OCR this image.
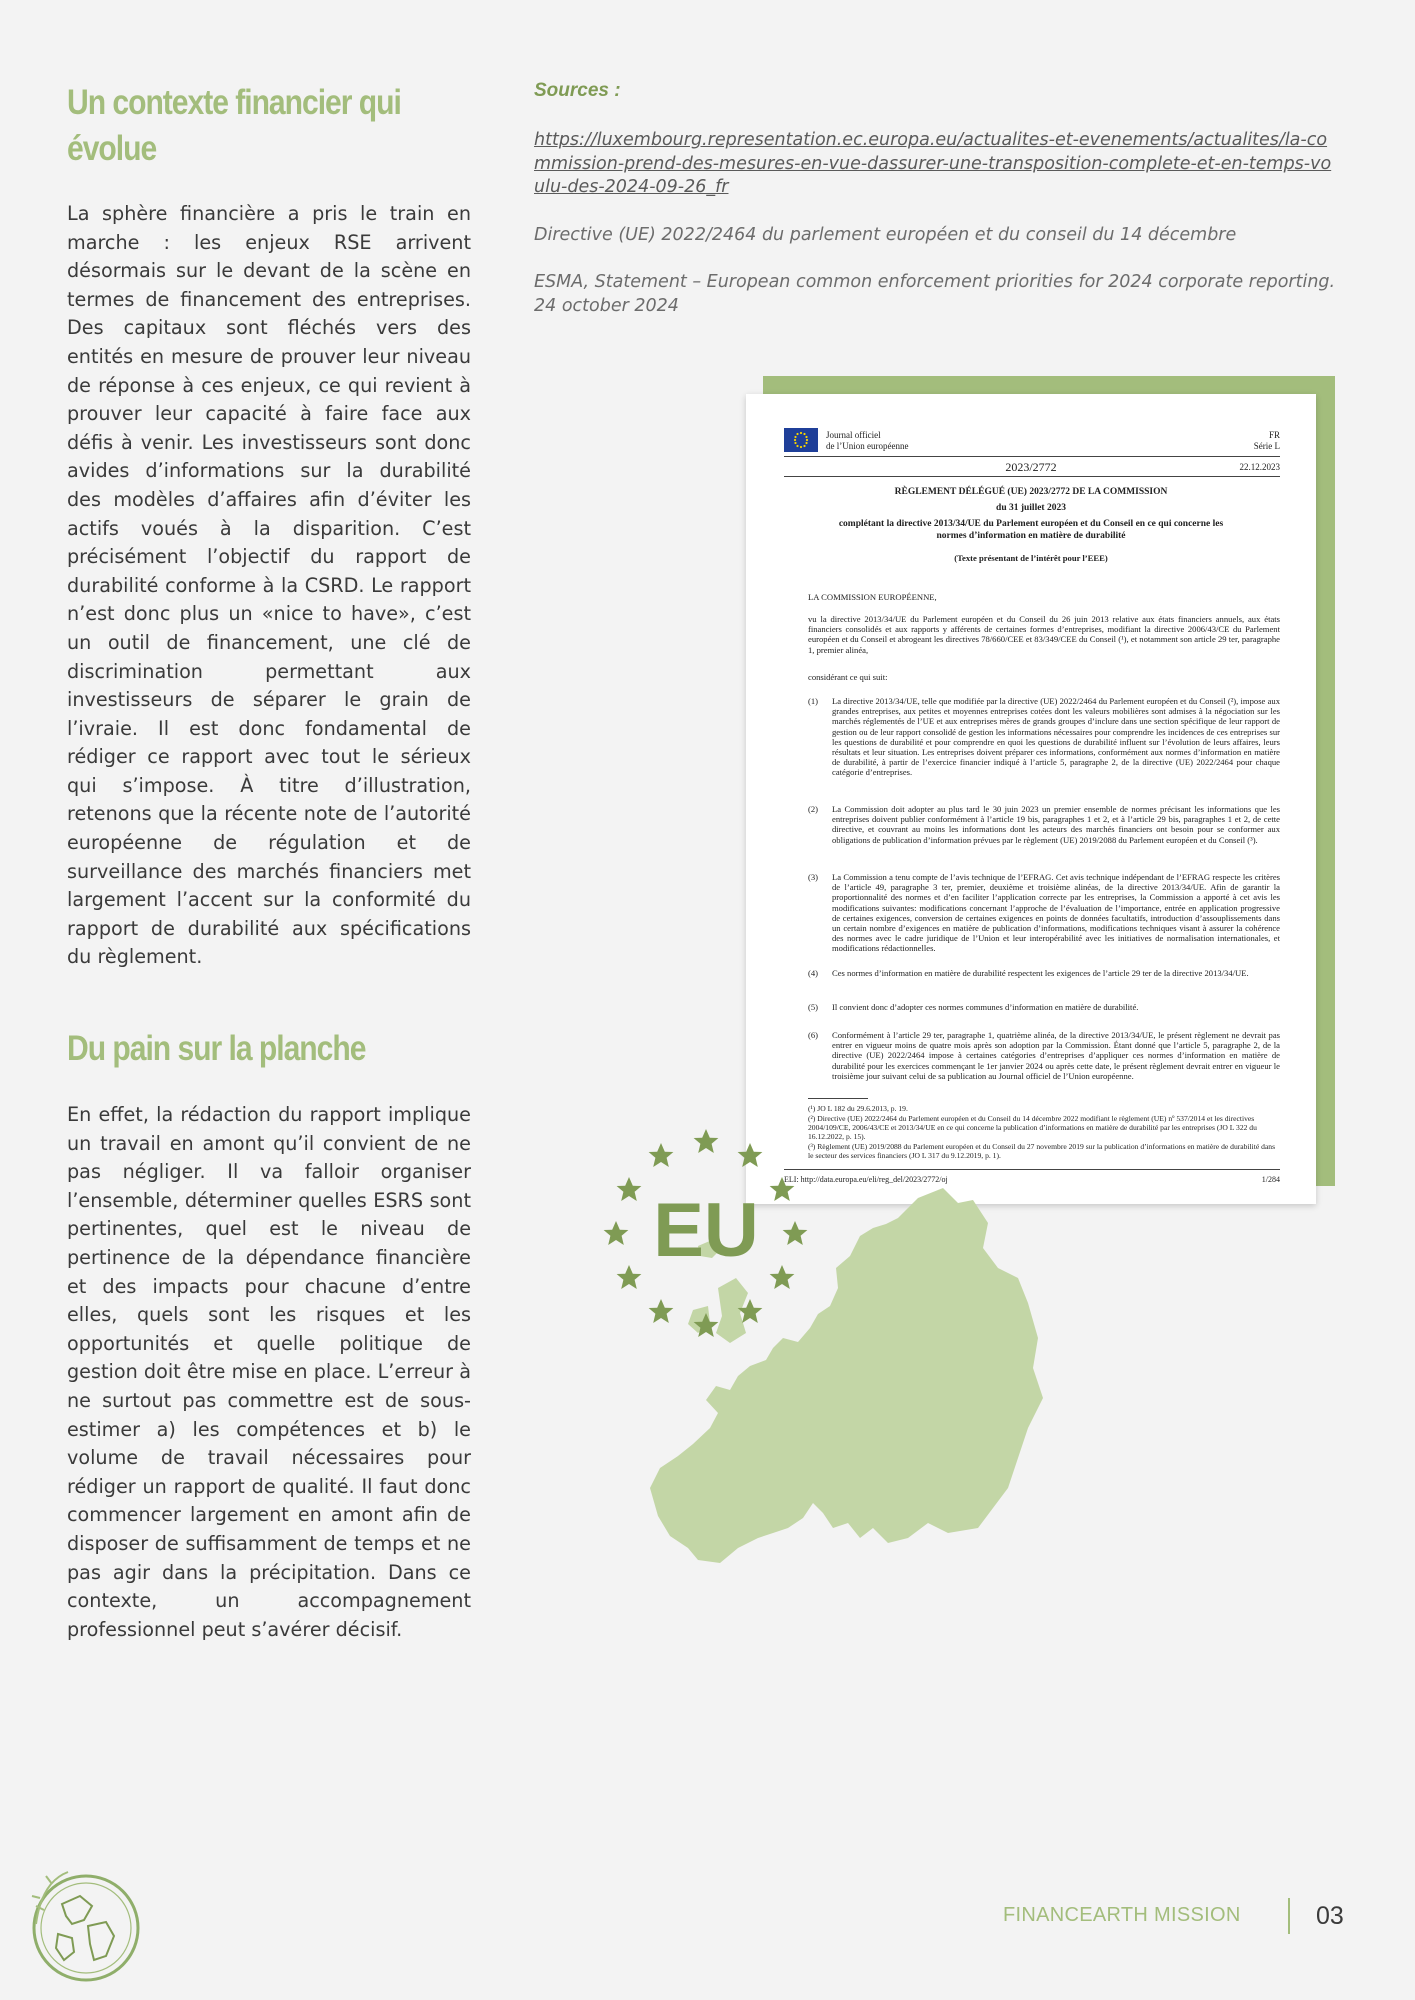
Un contexte financier qui évolue

La sphère financière a pris le train en marche : les enjeux RSE arrivent désormais sur le devant de la scène en termes de financement des entreprises. Des capitaux sont fléchés vers des entités en mesure de prouver leur niveau de réponse à ces enjeux, ce qui revient à prouver leur capacité à faire face aux défis à venir. Les investisseurs sont donc avides d’informations sur la durabilité des modèles d’affaires afin d’éviter les actifs voués à la disparition. C’est précisément l’objectif du rapport de durabilité conforme à la CSRD. Le rapport n’est donc plus un «nice to have», c’est un outil de financement, une clé de discrimination permettant aux investisseurs de séparer le grain de l’ivraie. Il est donc fondamental de rédiger ce rapport avec tout le sérieux qui s’impose. À titre d’illustration, retenons que la récente note de l’autorité européenne de régulation et de surveillance des marchés financiers met largement l’accent sur la conformité du rapport de durabilité aux spécifications du règlement.

Du pain sur la planche

En effet, la rédaction du rapport implique un travail en amont qu’il convient de ne pas négliger. Il va falloir organiser l’ensemble, déterminer quelles ESRS sont pertinentes, quel est le niveau de pertinence de la dépendance financière et des impacts pour chacune d’entre elles, quels sont les risques et les opportunités et quelle politique de gestion doit être mise en place. L’erreur à ne surtout pas commettre est de sous-estimer a) les compétences et b) le volume de travail nécessaires pour rédiger un rapport de qualité. Il faut donc commencer largement en amont afin de disposer de suffisamment de temps et ne pas agir dans la précipitation. Dans ce contexte, un accompagnement professionnel peut s’avérer décisif.

Sources :

https://luxembourg.representation.ec.europa.eu/actualites-et-evenements/actualites/la-commission-prend-des-mesures-en-vue-dassurer-une-transposition-complete-et-en-temps-voulu-des-2024-09-26_fr

Directive (UE) 2022/2464 du parlement européen et du conseil du 14 décembre

ESMA, Statement – European common enforcement priorities for 2024 corporate reporting. 24 october 2024

Journal officiel
de l’Union européenne
FR
Série L
2023/2772	22.12.2023
RÈGLEMENT DÉLÉGUÉ (UE) 2023/2772 DE LA COMMISSION
du 31 juillet 2023
complétant la directive 2013/34/UE du Parlement européen et du Conseil en ce qui concerne les normes d’information en matière de durabilité
(Texte présentant de l’intérêt pour l’EEE)
LA COMMISSION EUROPÉENNE,
vu la directive 2013/34/UE du Parlement européen et du Conseil du 26 juin 2013 relative aux états financiers annuels, aux états financiers consolidés et aux rapports y afférents de certaines formes d’entreprises, modifiant la directive 2006/43/CE du Parlement européen et du Conseil et abrogeant les directives 78/660/CEE et 83/349/CEE du Conseil (¹), et notamment son article 29 ter, paragraphe 1, premier alinéa,
considérant ce qui suit:
(1) La directive 2013/34/UE, telle que modifiée par la directive (UE) 2022/2464 du Parlement européen et du Conseil (²), impose aux grandes entreprises, aux petites et moyennes entreprises cotées dont les valeurs mobilières sont admises à la négociation sur les marchés réglementés de l’UE et aux entreprises mères de grands groupes d’inclure dans une section spécifique de leur rapport de gestion ou de leur rapport consolidé de gestion les informations nécessaires pour comprendre les incidences de ces entreprises sur les questions de durabilité et pour comprendre en quoi les questions de durabilité influent sur l’évolution de leurs affaires, leurs résultats et leur situation. Les entreprises doivent préparer ces informations, conformément aux normes d’information en matière de durabilité, à partir de l’exercice financier indiqué à l’article 5, paragraphe 2, de la directive (UE) 2022/2464 pour chaque catégorie d’entreprises.
(2) La Commission doit adopter au plus tard le 30 juin 2023 un premier ensemble de normes précisant les informations que les entreprises doivent publier conformément à l’article 19 bis, paragraphes 1 et 2, et à l’article 29 bis, paragraphes 1 et 2, de cette directive, et couvrant au moins les informations dont les acteurs des marchés financiers ont besoin pour se conformer aux obligations de publication d’information prévues par le règlement (UE) 2019/2088 du Parlement européen et du Conseil (³).
(3) La Commission a tenu compte de l’avis technique de l’EFRAG. Cet avis technique indépendant de l’EFRAG respecte les critères de l’article 49, paragraphe 3 ter, premier, deuxième et troisième alinéas, de la directive 2013/34/UE. Afin de garantir la proportionnalité des normes et d’en faciliter l’application correcte par les entreprises, la Commission a apporté à cet avis les modifications suivantes: modifications concernant l’approche de l’évaluation de l’importance, entrée en application progressive de certaines exigences, conversion de certaines exigences en points de données facultatifs, introduction d’assouplissements dans un certain nombre d’exigences en matière de publication d’informations, modifications techniques visant à assurer la cohérence des normes avec le cadre juridique de l’Union et leur interopérabilité avec les initiatives de normalisation internationales, et modifications rédactionnelles.
(4) Ces normes d’information en matière de durabilité respectent les exigences de l’article 29 ter de la directive 2013/34/UE.
(5) Il convient donc d’adopter ces normes communes d’information en matière de durabilité.
(6) Conformément à l’article 29 ter, paragraphe 1, quatrième alinéa, de la directive 2013/34/UE, le présent règlement ne devrait pas entrer en vigueur moins de quatre mois après son adoption par la Commission. Étant donné que l’article 5, paragraphe 2, de la directive (UE) 2022/2464 impose à certaines catégories d’entreprises d’appliquer ces normes d’information en matière de durabilité pour les exercices commençant le 1er janvier 2024 ou après cette date, le présent règlement devrait entrer en vigueur le troisième jour suivant celui de sa publication au Journal officiel de l’Union européenne.
(¹) JO L 182 du 29.6.2013, p. 19.
(²) Directive (UE) 2022/2464 du Parlement européen et du Conseil du 14 décembre 2022 modifiant le règlement (UE) nº 537/2014 et les directives 2004/109/CE, 2006/43/CE et 2013/34/UE en ce qui concerne la publication d’informations en matière de durabilité par les entreprises (JO L 322 du 16.12.2022, p. 15).
(³) Règlement (UE) 2019/2088 du Parlement européen et du Conseil du 27 novembre 2019 sur la publication d’informations en matière de durabilité dans le secteur des services financiers (JO L 317 du 9.12.2019, p. 1).
ELI: http://data.europa.eu/eli/reg_del/2023/2772/oj	1/284
EU

FINANCEARTH MISSION	03
